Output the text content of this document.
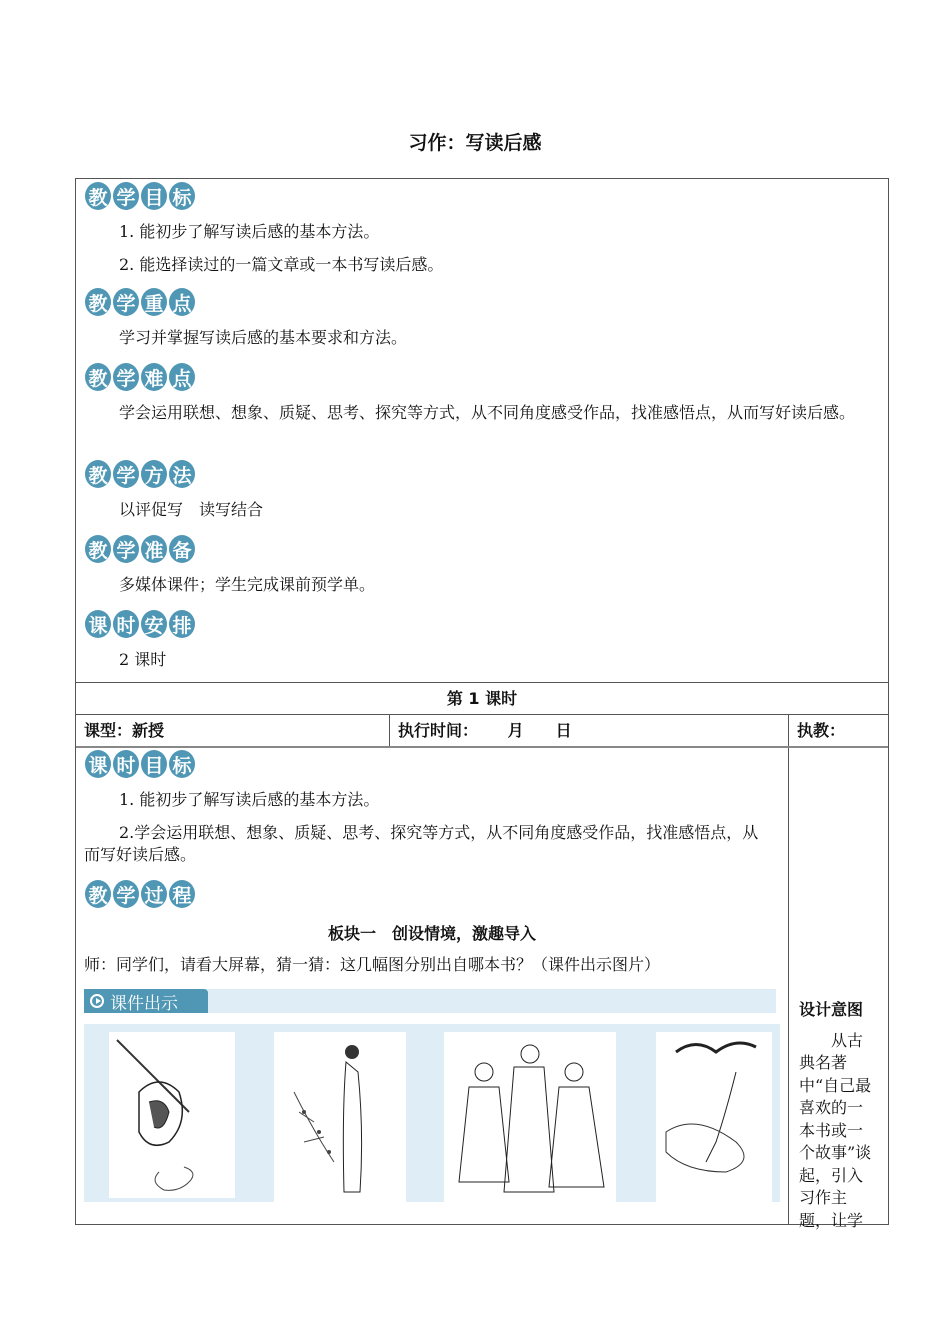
习作：写读后感
教 学 目 标
1. 能初步了解写读后感的基本方法。
2. 能选择读过的一篇文章或一本书写读后感。
教 学 重 点
学习并掌握写读后感的基本要求和方法。
教 学 难 点
学会运用联想、想象、质疑、思考、探究等方式，从不同角度感受作品，找准感悟点，从而写好读后感。
教 学 方 法
以评促写　读写结合
教 学 准 备
多媒体课件；学生完成课前预学单。
课 时 安 排
2 课时
第 1 课时
课型：新授	执行时间：　　 月　　日	执教：
课 时 目 标
1. 能初步了解写读后感的基本方法。
2.学会运用联想、想象、质疑、思考、探究等方式，从不同角度感受作品，找准感悟点，从而写好读后感。
教 学 过 程
板块一　创设情境，激趣导入
师：同学们，请看大屏幕，猜一猜：这几幅图分别出自哪本书？（课件出示图片）
课件出示	设计意图
从古典名著中“自己最喜欢的一本书或一个故事”谈起，引入习作主题，让学
